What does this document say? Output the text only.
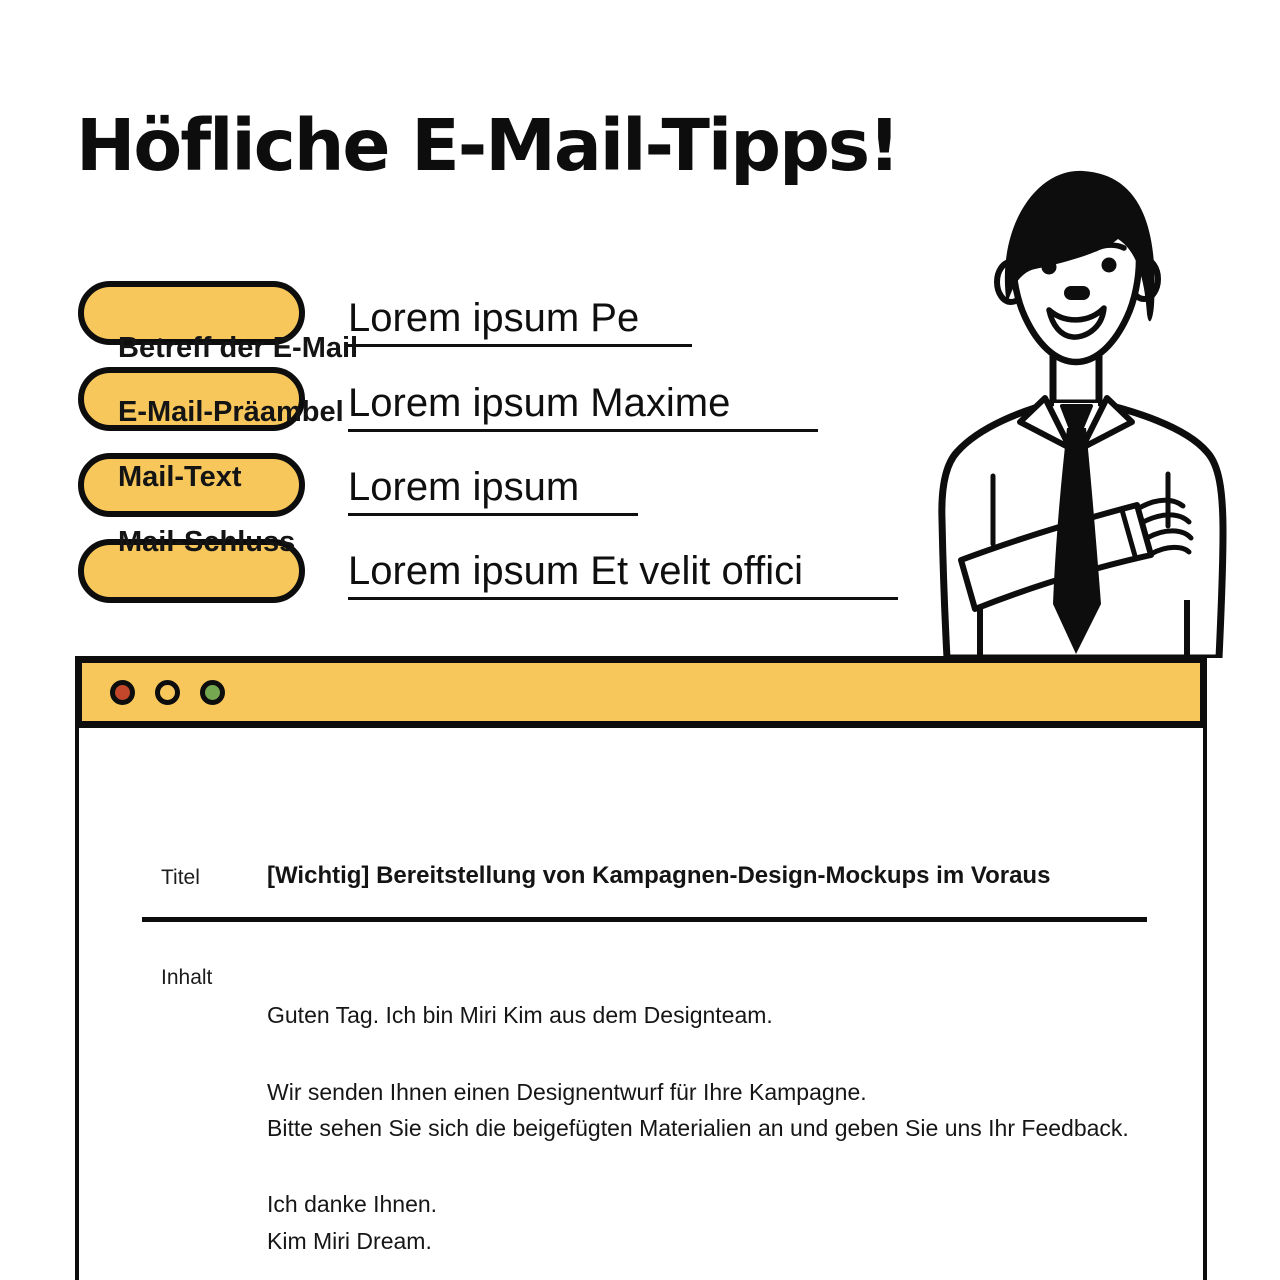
Höfliche E-Mail-Tipps!
Betreff der E-Mail
E-Mail-Präambel
Mail-Text
Mail-Schluss
Lorem ipsum Pe
Lorem ipsum Maxime
Lorem ipsum
Lorem ipsum Et velit offici
Titel	[Wichtig] Bereitstellung von Kampagnen-Design-Mockups im Voraus
Inhalt
Guten Tag. Ich bin Miri Kim aus dem Designteam.
Wir senden Ihnen einen Designentwurf für Ihre Kampagne.
Bitte sehen Sie sich die beigefügten Materialien an und geben Sie uns Ihr Feedback.
Ich danke Ihnen.
Kim Miri Dream.
